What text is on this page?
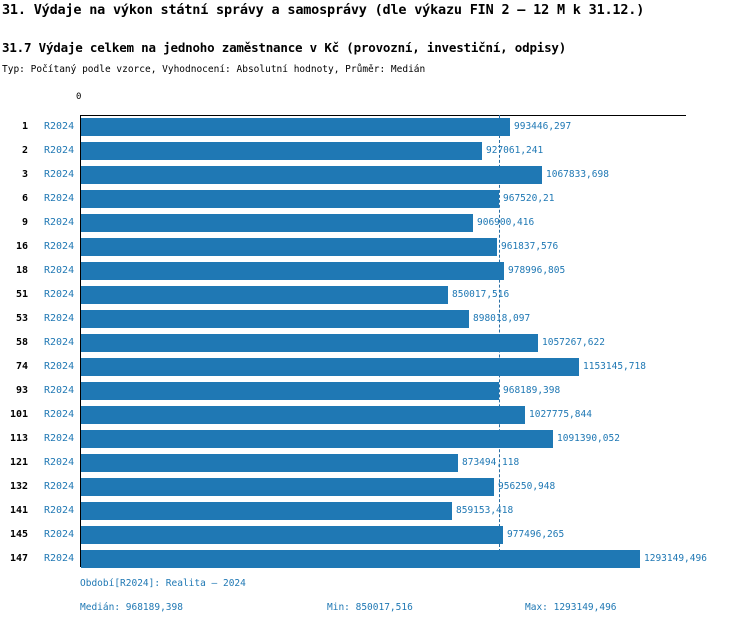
31. Výdaje na výkon státní správy a samosprávy (dle výkazu FIN 2 – 12 M k 31.12.)
31.7 Výdaje celkem na jednoho zaměstnance v Kč (provozní, investiční, odpisy)
Typ: Počítaný podle vzorce, Vyhodnocení: Absolutní hodnoty, Průměr: Medián
0
1 R2024	993446,297
2 R2024	927061,241
3 R2024	1067833,698
6 R2024	967520,21
9 R2024	906900,416
16 R2024	961837,576
18 R2024	978996,805
51 R2024	850017,516
53 R2024	898018,097
58 R2024	1057267,622
74 R2024	1153145,718
93 R2024	968189,398
101 R2024	1027775,844
113 R2024	1091390,052
121 R2024	873494,118
132 R2024	956250,948
141 R2024	859153,418
145 R2024	977496,265
147 R2024	1293149,496
Období[R2024]: Realita – 2024
Medián: 968189,398	Min: 850017,516	Max: 1293149,496
